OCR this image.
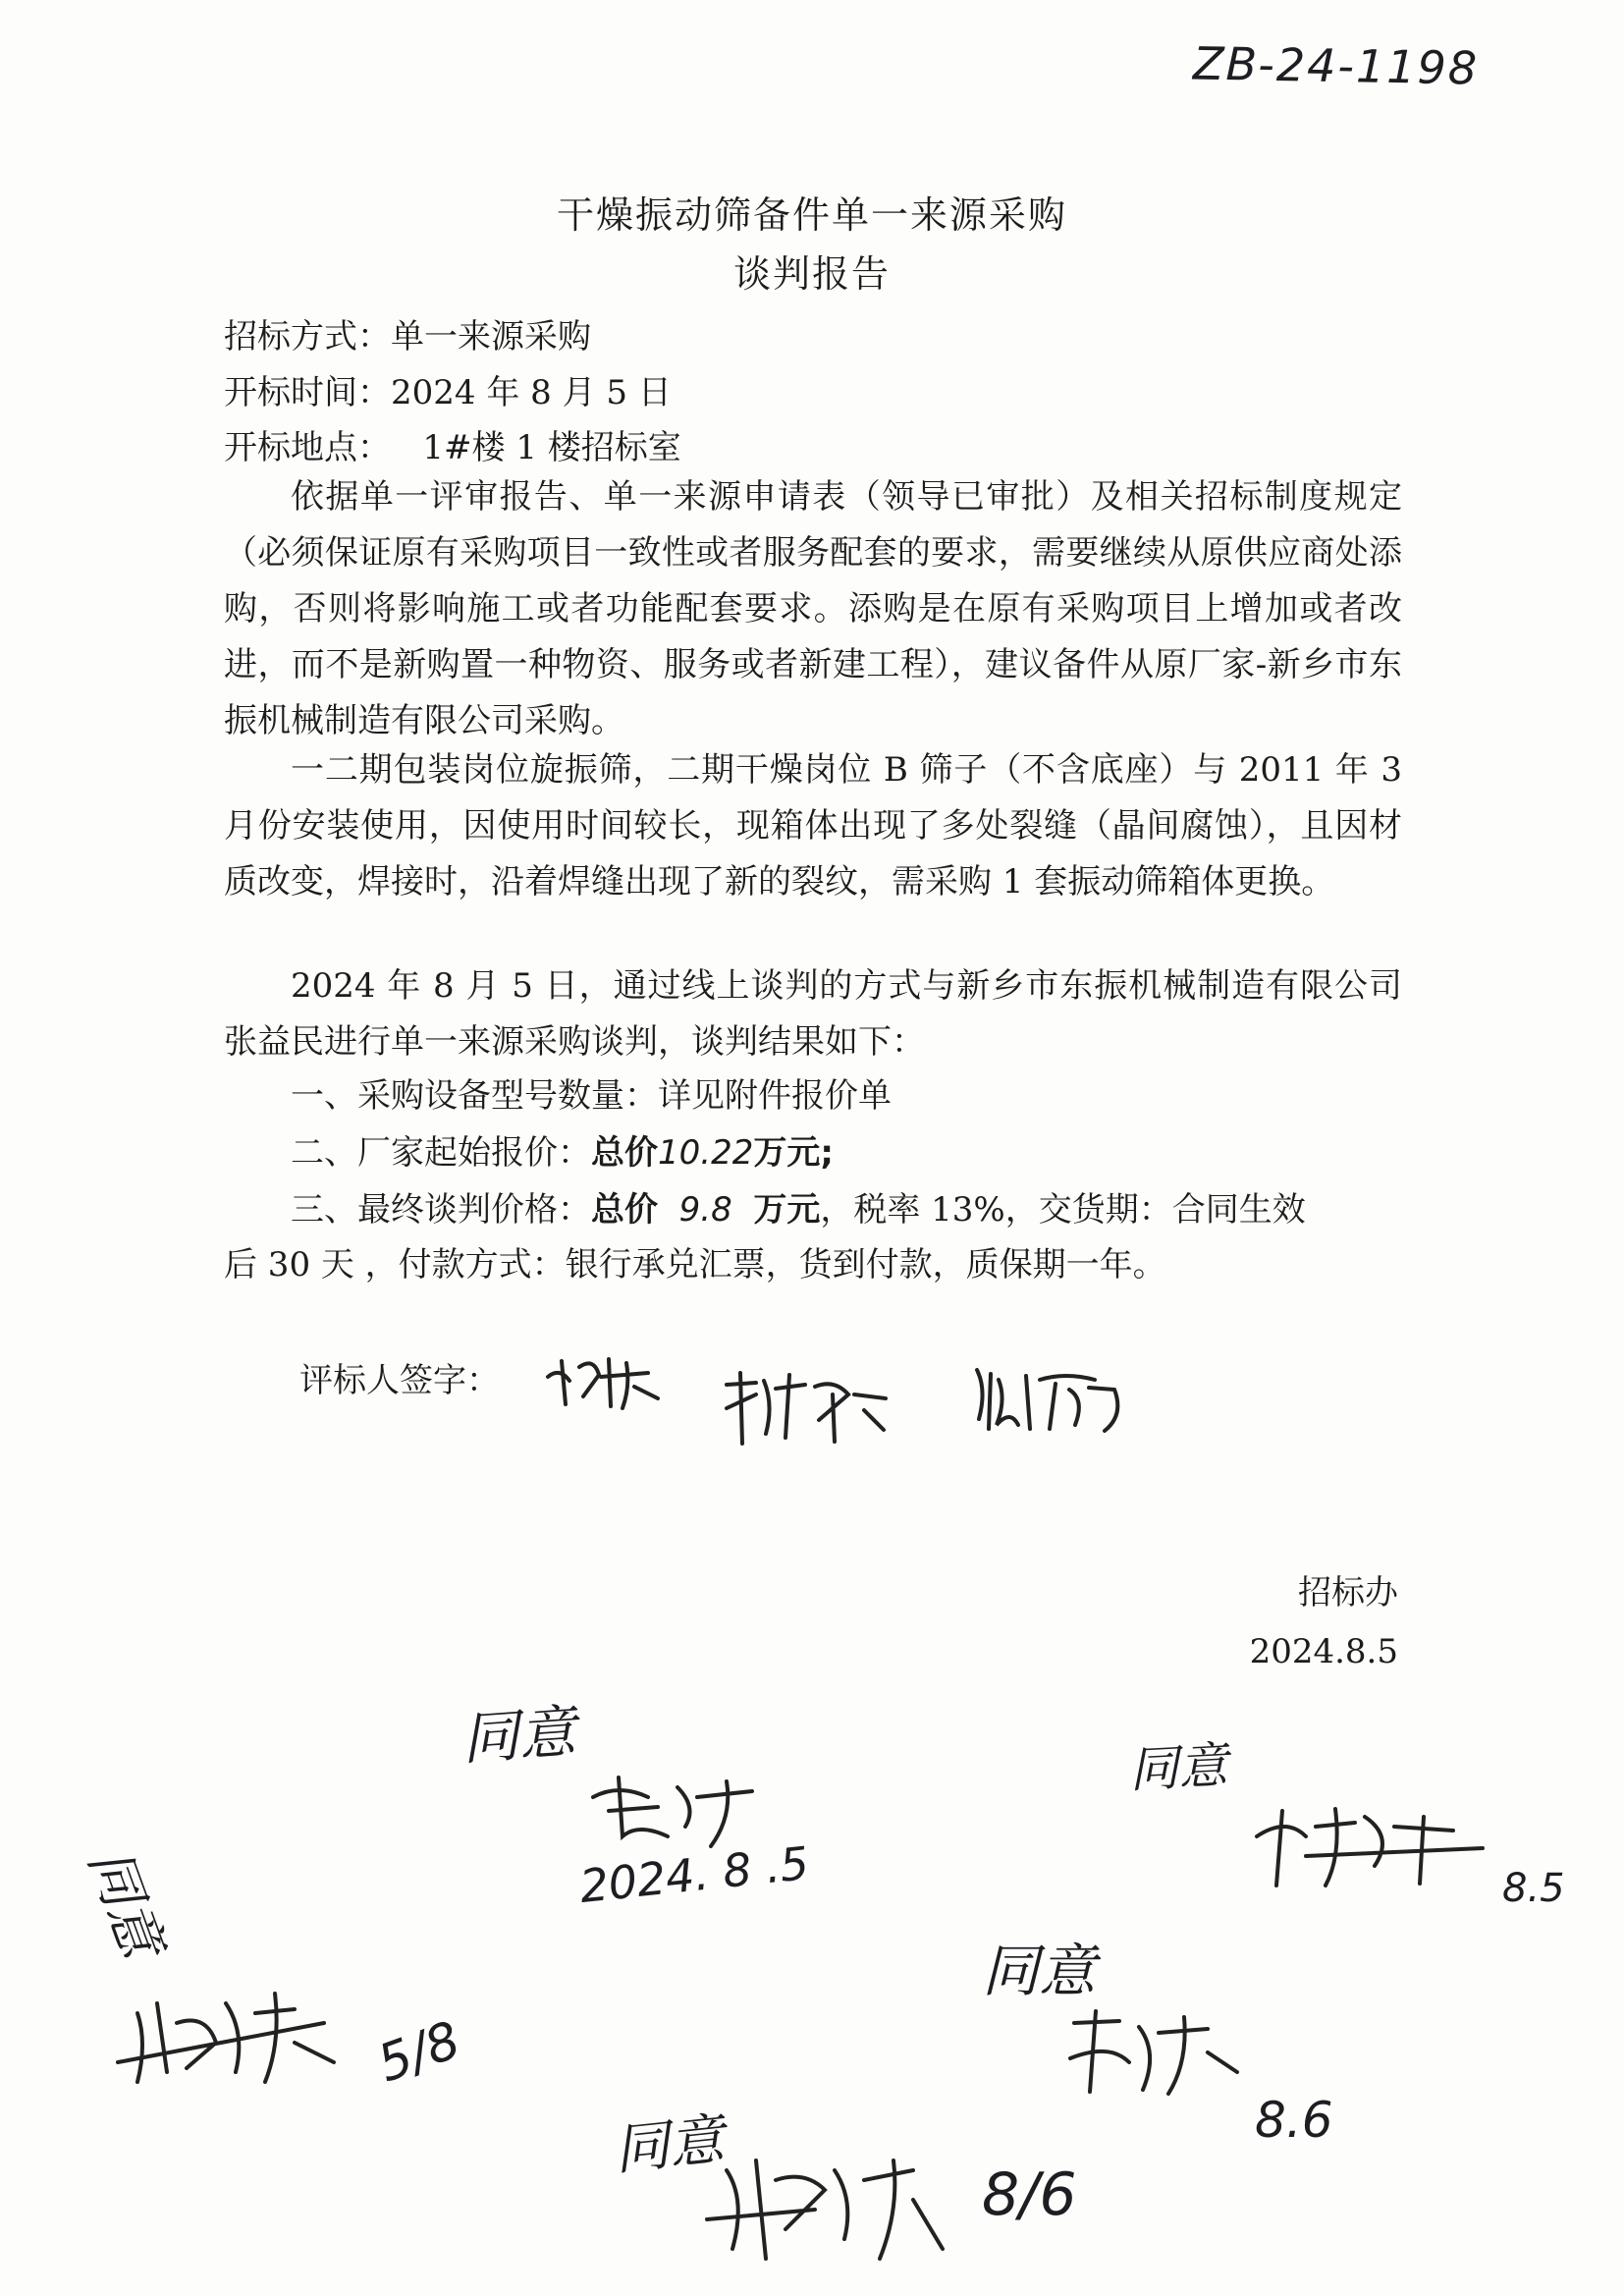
ZB-24-1198
干燥振动筛备件单一来源采购
谈判报告
招标方式：单一来源采购
开标时间：2024 年 8 月 5 日
开标地点：   1#楼 1 楼招标室
依据单一评审报告、单一来源申请表（领导已审批）及相关招标制度规定（必须保证原有采购项目一致性或者服务配套的要求，需要继续从原供应商处添购，否则将影响施工或者功能配套要求。添购是在原有采购项目上增加或者改进，而不是新购置一种物资、服务或者新建工程），建议备件从原厂家-新乡市东振机械制造有限公司采购。
一二期包装岗位旋振筛，二期干燥岗位 B 筛子（不含底座）与 2011 年 3 月份安装使用，因使用时间较长，现箱体出现了多处裂缝（晶间腐蚀），且因材质改变，焊接时，沿着焊缝出现了新的裂纹，需采购 1 套振动筛箱体更换。
2024 年 8 月 5 日，通过线上谈判的方式与新乡市东振机械制造有限公司张益民进行单一来源采购谈判，谈判结果如下：
一、采购设备型号数量：详见附件报价单
二、厂家起始报价：总价10.22万元;
三、最终谈判价格：总价 9.8 万元，税率 13%，交货期：合同生效
后 30 天 ，付款方式：银行承兑汇票，货到付款，质保期一年。
评标人签字：
招标办
2024.8.5
同意
2024. 8 .5
同意
8.5
同意
5/8
同意
8.6
同意
8/6
